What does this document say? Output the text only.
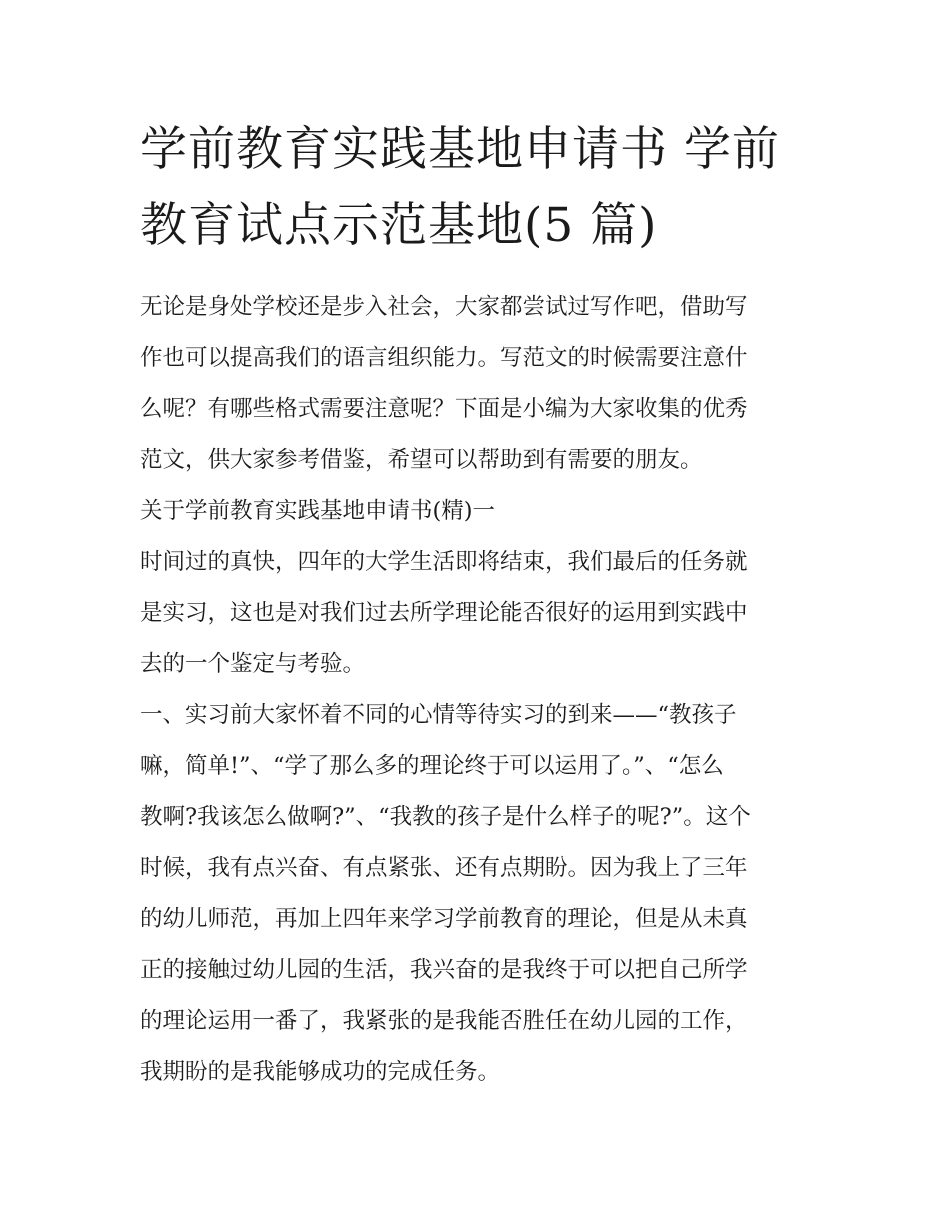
学前教育实践基地申请书 学前
教育试点示范基地(5 篇)
无论是身处学校还是步入社会，大家都尝试过写作吧，借助写
作也可以提高我们的语言组织能力。写范文的时候需要注意什
么呢？有哪些格式需要注意呢？下面是小编为大家收集的优秀
范文，供大家参考借鉴，希望可以帮助到有需要的朋友。
关于学前教育实践基地申请书(精)一
时间过的真快，四年的大学生活即将结束，我们最后的任务就
是实习，这也是对我们过去所学理论能否很好的运用到实践中
去的一个鉴定与考验。
一、实习前大家怀着不同的心情等待实习的到来——“教孩子
嘛，简单!”、“学了那么多的理论终于可以运用了。”、“怎么
教啊?我该怎么做啊?”、“我教的孩子是什么样子的呢?”。这个
时候，我有点兴奋、有点紧张、还有点期盼。因为我上了三年
的幼儿师范，再加上四年来学习学前教育的理论，但是从未真
正的接触过幼儿园的生活，我兴奋的是我终于可以把自己所学
的理论运用一番了，我紧张的是我能否胜任在幼儿园的工作，
我期盼的是我能够成功的完成任务。
